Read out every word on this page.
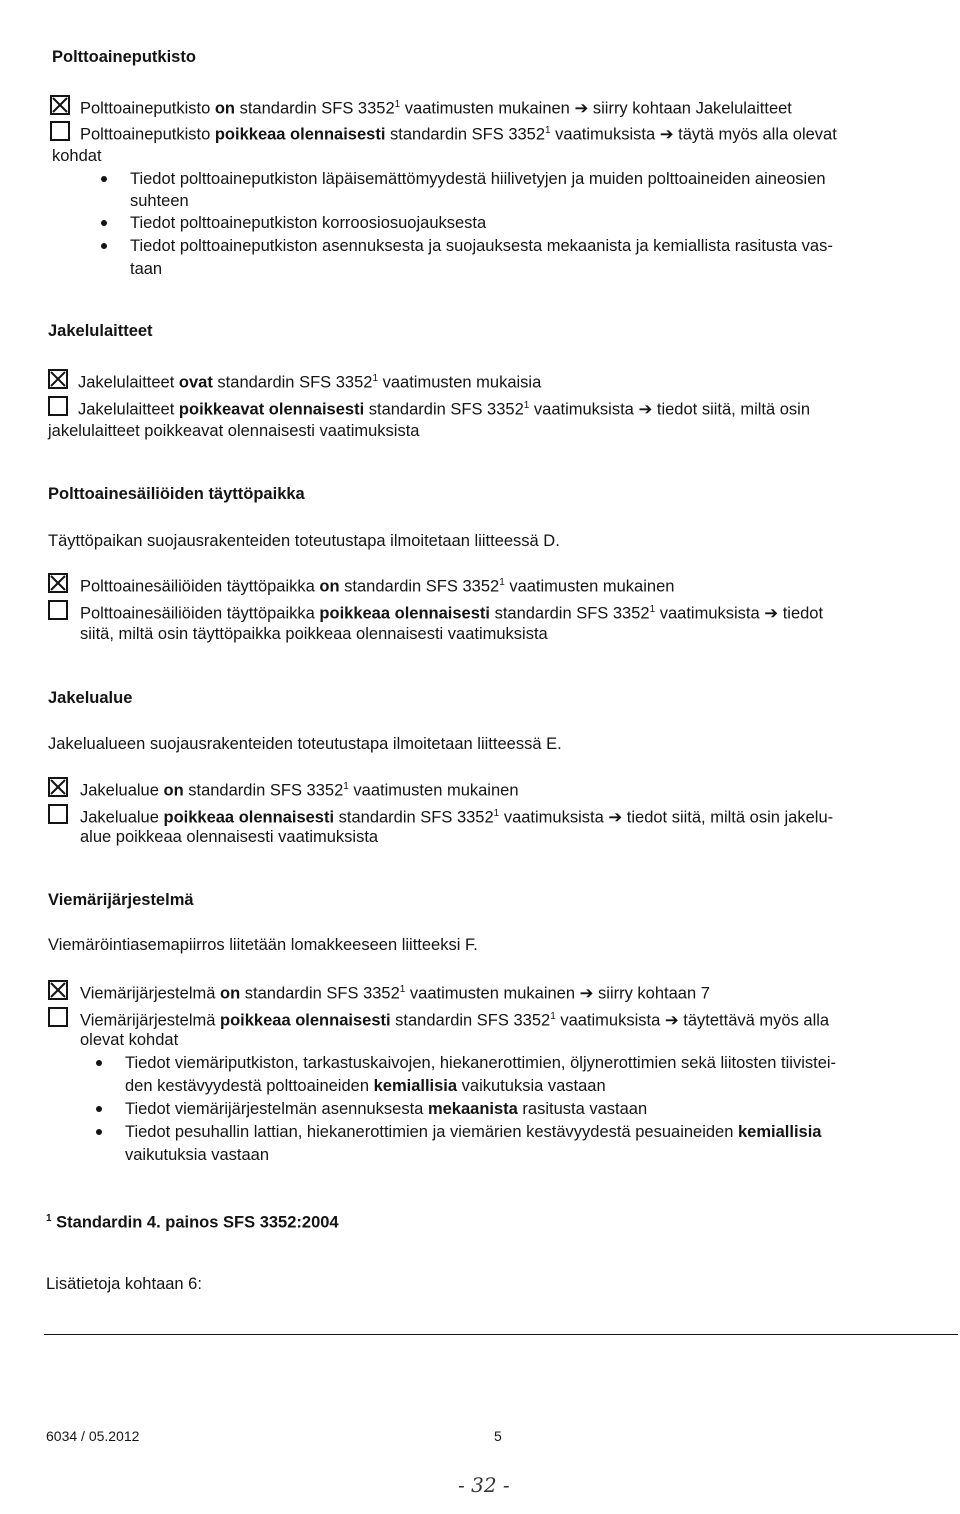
Polttoaineputkisto
Polttoaineputkisto on standardin SFS 3352$^1$ vaatimusten mukainen ➔ siirry kohtaan Jakelulaitteet
Polttoaineputkisto poikkeaa olennaisesti standardin SFS 3352$^1$ vaatimuksista ➔ täytä myös alla olevat
kohdat
Tiedot polttoaineputkiston läpäisemättömyydestä hiilivetyjen ja muiden polttoaineiden aineosien
suhteen
Tiedot polttoaineputkiston korroosiosuojauksesta
Tiedot polttoaineputkiston asennuksesta ja suojauksesta mekaanista ja kemiallista rasitusta vas-
taan
Jakelulaitteet
Jakelulaitteet ovat standardin SFS 3352$^1$ vaatimusten mukaisia
Jakelulaitteet poikkeavat olennaisesti standardin SFS 3352$^1$ vaatimuksista ➔ tiedot siitä, miltä osin
jakelulaitteet poikkeavat olennaisesti vaatimuksista
Polttoainesäiliöiden täyttöpaikka
Täyttöpaikan suojausrakenteiden toteutustapa ilmoitetaan liitteessä D.
Polttoainesäiliöiden täyttöpaikka on standardin SFS 3352$^1$ vaatimusten mukainen
Polttoainesäiliöiden täyttöpaikka poikkeaa olennaisesti standardin SFS 3352$^1$ vaatimuksista ➔ tiedot
siitä, miltä osin täyttöpaikka poikkeaa olennaisesti vaatimuksista
Jakelualue
Jakelualueen suojausrakenteiden toteutustapa ilmoitetaan liitteessä E.
Jakelualue on standardin SFS 3352$^1$ vaatimusten mukainen
Jakelualue poikkeaa olennaisesti standardin SFS 3352$^1$ vaatimuksista ➔ tiedot siitä, miltä osin jakelu-
alue poikkeaa olennaisesti vaatimuksista
Viemärijärjestelmä
Viemäröintiasemapiirros liitetään lomakkeeseen liitteeksi F.
Viemärijärjestelmä on standardin SFS 3352$^1$ vaatimusten mukainen ➔ siirry kohtaan 7
Viemärijärjestelmä poikkeaa olennaisesti standardin SFS 3352$^1$ vaatimuksista ➔ täytettävä myös alla
olevat kohdat
Tiedot viemäriputkiston, tarkastuskaivojen, hiekanerottimien, öljynerottimien sekä liitosten tiivistei-
den kestävyydestä polttoaineiden kemiallisia vaikutuksia vastaan
Tiedot viemärijärjestelmän asennuksesta mekaanista rasitusta vastaan
Tiedot pesuhallin lattian, hiekanerottimien ja viemärien kestävyydestä pesuaineiden kemiallisia
vaikutuksia vastaan
$^1$ Standardin 4. painos SFS 3352:2004
Lisätietoja kohtaan 6:
6034 / 05.2012	5
- 32 -
